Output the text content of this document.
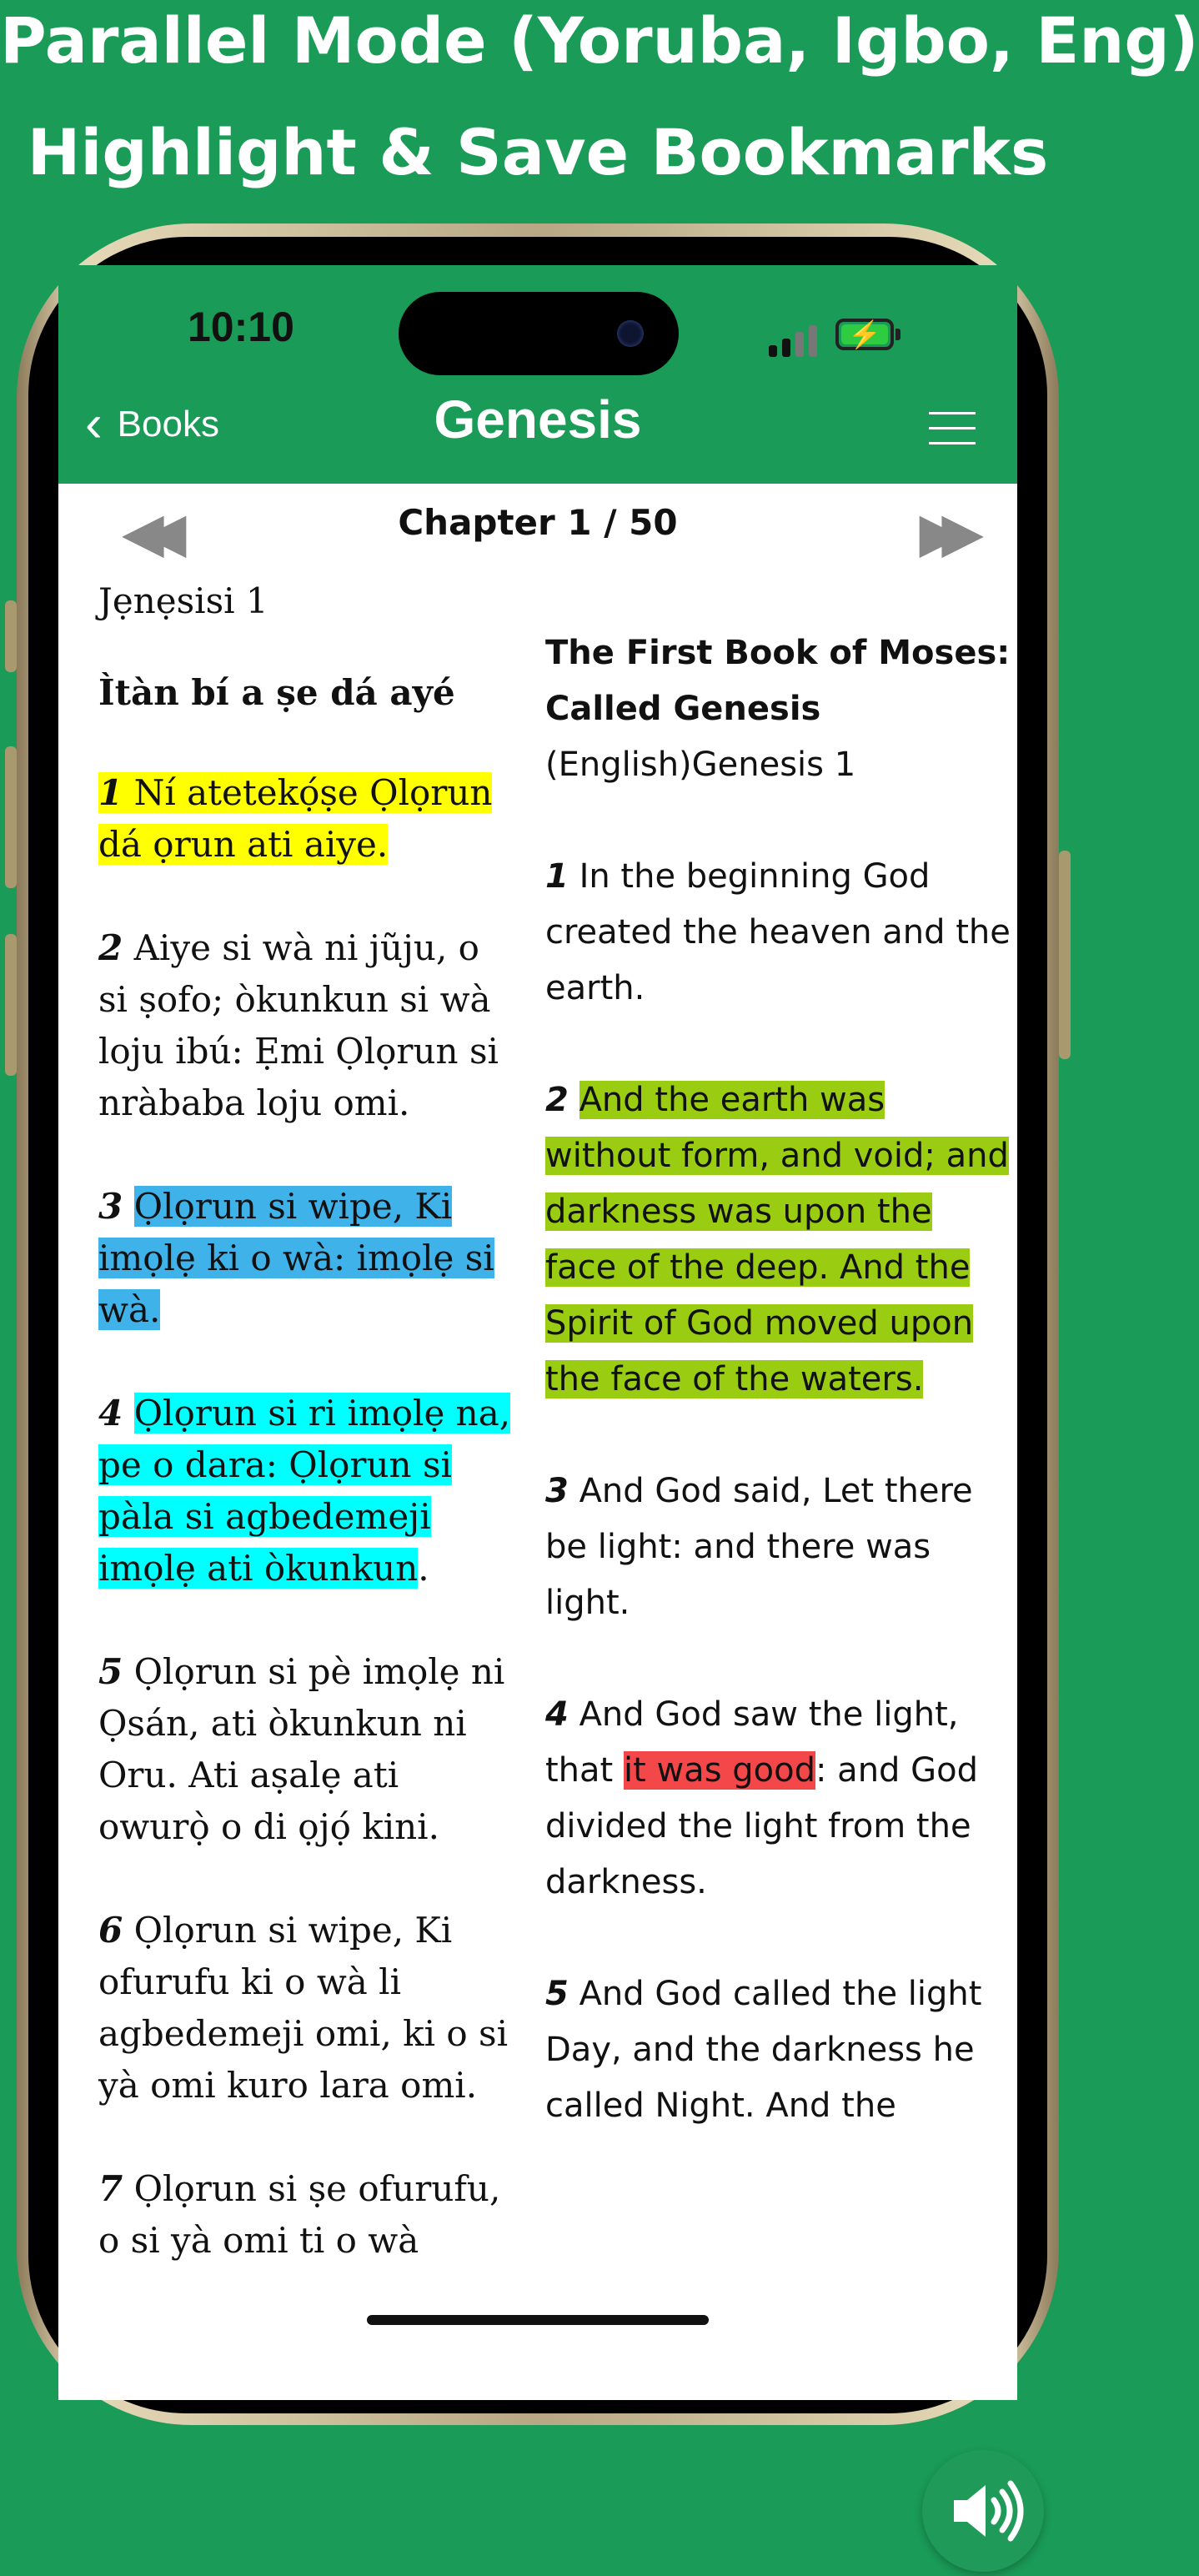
Parallel Mode (Yoruba, Igbo, Eng)
Highlight & Save Bookmarks
10:10	⚡
‹ Books	Genesis
◀◀	Chapter 1 / 50	▶▶
Jẹnẹsisi 1
Ìtàn bí a ṣe dá ayé
1 Ní atetekọ́ṣe Ọlọrun dá ọrun ati aiye.
2 Aiye si wà ni jũju, o si ṣofo; òkunkun si wà loju ibú: Ẹmi Ọlọrun si nràbaba loju omi.
3 Ọlọrun si wipe, Ki imọlẹ ki o wà: imọlẹ si wà.
4 Ọlọrun si ri imọlẹ na, pe o dara: Ọlọrun si pàla si agbedemeji imọlẹ ati òkunkun.
5 Ọlọrun si pè imọlẹ ni Ọsán, ati òkunkun ni Oru. Ati aṣalẹ ati owurọ̀ o di ọjọ́ kini.
6 Ọlọrun si wipe, Ki ofurufu ki o wà li agbedemeji omi, ki o si yà omi kuro lara omi.
7 Ọlọrun si ṣe ofurufu, o si yà omi ti o wà
The First Book of Moses: Called Genesis
(English)Genesis 1
1 In the beginning God created the heaven and the earth.
2 And the earth was without form, and void; and darkness was upon the face of the deep. And the Spirit of God moved upon the face of the waters.
3 And God said, Let there be light: and there was light.
4 And God saw the light, that it was good: and God divided the light from the darkness.
5 And God called the light Day, and the darkness he called Night. And the
